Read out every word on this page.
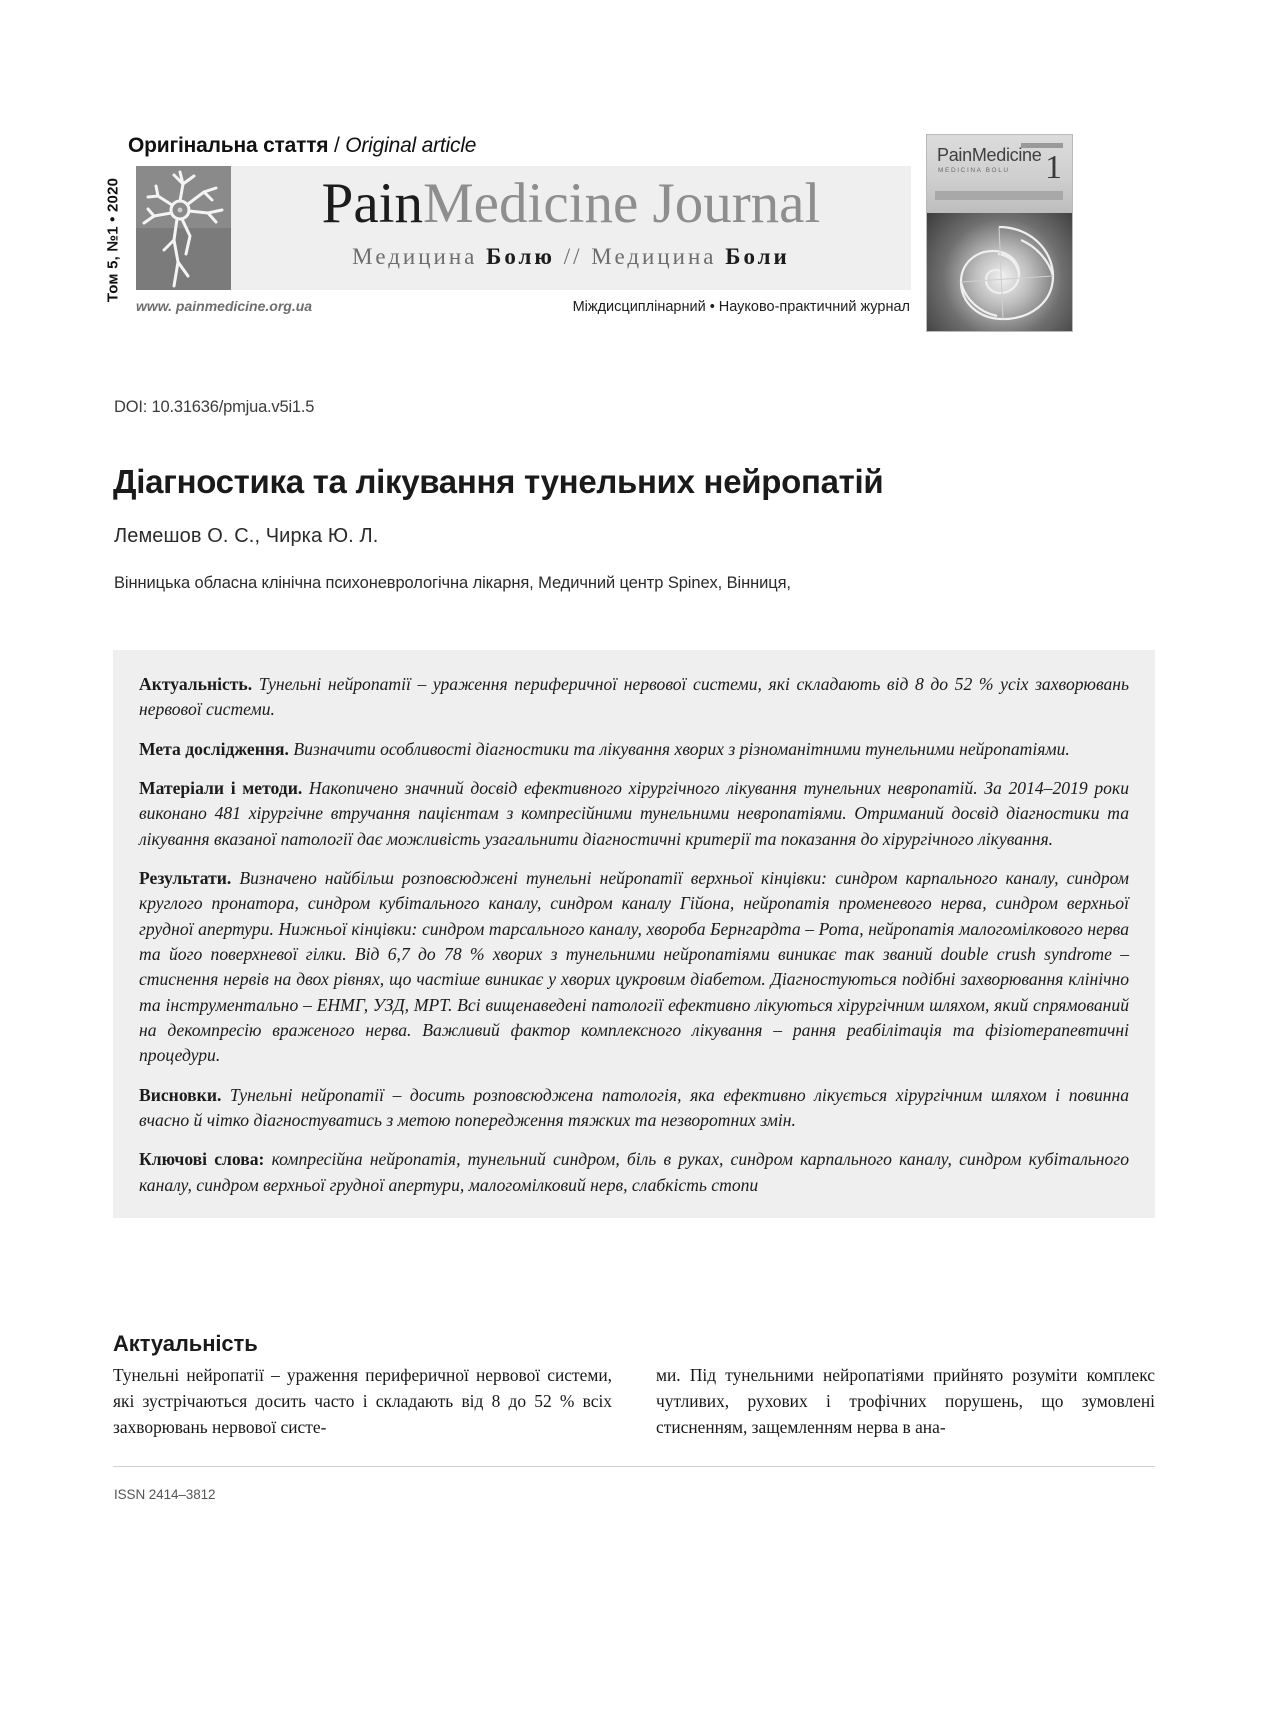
Оригінальна стаття / Original article
Том 5, №1 • 2020	PainMedicine Journal
Медицина Болю // Медицина Боли
www. painmedicine.org.ua	Міждисциплінарний • Науково-практичний журнал
PainMedicine
MEDICINA BOLU 1
DOI: 10.31636/pmjua.v5i1.5
Діагностика та лікування тунельних нейропатій
Лемешов О. С., Чирка Ю. Л.
Вінницька обласна клінічна психоневрологічна лікарня, Медичний центр Spinex, Вінниця,

Актуальність. Тунельні нейропатії – ураження периферичної нервової системи, які складають від 8 до 52 % усіх захворювань нервової системи.

Мета дослідження. Визначити особливості діагностики та лікування хворих з різноманітними тунельними нейропатіями.

Матеріали і методи. Накопичено значний досвід ефективного хірургічного лікування тунельних невропатій. За 2014–2019 роки виконано 481 хірургічне втручання пацієнтам з компресійними тунельними невропатіями. Отриманий досвід діагностики та лікування вказаної патології дає можливість узагальнити діагностичні критерії та показання до хірургічного лікування.

Результати. Визначено найбільш розповсюджені тунельні нейропатії верхньої кінцівки: синдром карпального каналу, синдром круглого пронатора, синдром кубітального каналу, синдром каналу Гійона, нейропатія променевого нерва, синдром верхньої грудної апертури. Нижньої кінцівки: синдром тарсального каналу, хвороба Бернгардта – Рота, нейропатія малогомілкового нерва та його поверхневої гілки. Від 6,7 до 78 % хворих з тунельними нейропатіями виникає так званий double crush syndrome – стиснення нервів на двох рівнях, що частіше виникає у хворих цукровим діабетом. Діагностуються подібні захворювання клінічно та інструментально – ЕНМГ, УЗД, МРТ. Всі вищенаведені патології ефективно лікуються хірургічним шляхом, який спрямований на декомпресію враженого нерва. Важливий фактор комплексного лікування – рання реабілітація та фізіотерапевтичні процедури.

Висновки. Тунельні нейропатії – досить розповсюджена патологія, яка ефективно лікується хірургічним шляхом і повинна вчасно й чітко діагностуватись з метою попередження тяжких та незворотних змін.

Ключові слова: компресійна нейропатія, тунельний синдром, біль в руках, синдром карпального каналу, синдром кубітального каналу, синдром верхньої грудної апертури, малогомілковий нерв, слабкість стопи

Актуальність

Тунельні нейропатії – ураження периферичної нервової системи, які зустрічаються досить часто і складають від 8 до 52 % всіх захворювань нервової систе-

ми. Під тунельними нейропатіями прийнято розуміти комплекс чутливих, рухових і трофічних порушень, що зумовлені стисненням, защемленням нерва в ана-

ISSN 2414–3812
